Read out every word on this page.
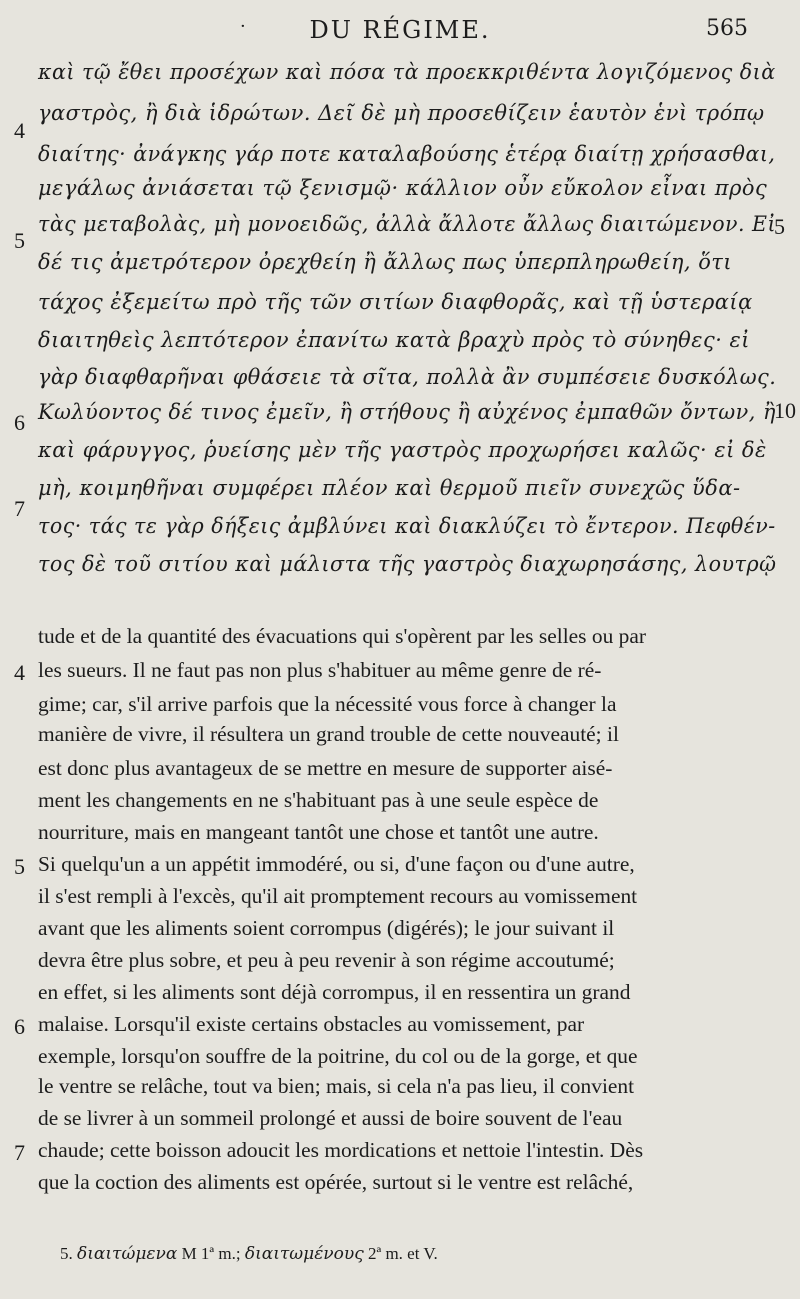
·	DU RÉGIME.	565
καὶ τῷ ἔθει προσέχων καὶ πόσα τὰ προεκκριθέντα λογιζόμενος διὰ
γαστρὸς, ἢ διὰ ἱδρώτων. Δεῖ δὲ μὴ προσεθίζειν ἑαυτὸν ἑνὶ τρόπῳ
διαίτης· ἀνάγκης γάρ ποτε καταλαβούσης ἑτέρᾳ διαίτῃ χρήσασθαι,
μεγάλως ἀνιάσεται τῷ ξενισμῷ· κάλλιον οὖν εὔκολον εἶναι πρὸς
τὰς μεταβολὰς, μὴ μονοειδῶς, ἀλλὰ ἄλλοτε ἄλλως διαιτώμενον. Εἰ
δέ τις ἀμετρότερον ὀρεχθείη ἢ ἄλλως πως ὑπερπληρωθείη, ὅτι
τάχος ἐξεμείτω πρὸ τῆς τῶν σιτίων διαφθορᾶς, καὶ τῇ ὑστεραίᾳ
διαιτηθεὶς λεπτότερον ἐπανίτω κατὰ βραχὺ πρὸς τὸ σύνηθες· εἰ
γὰρ διαφθαρῆναι φθάσειε τὰ σῖτα, πολλὰ ἂν συμπέσειε δυσκόλως.
Κωλύοντος δέ τινος ἐμεῖν, ἢ στήθους ἢ αὐχένος ἐμπαθῶν ὄντων, ἢ
καὶ φάρυγγος, ῥυείσης μὲν τῆς γαστρὸς προχωρήσει καλῶς· εἰ δὲ
μὴ, κοιμηθῆναι συμφέρει πλέον καὶ θερμοῦ πιεῖν συνεχῶς ὕδα-
τος· τάς τε γὰρ δήξεις ἀμβλύνει καὶ διακλύζει τὸ ἔντερον. Πεφθέν-
τος δὲ τοῦ σιτίου καὶ μάλιστα τῆς γαστρὸς διαχωρησάσης, λουτρῷ
4
5
6
7
5
10
tude et de la quantité des évacuations qui s'opèrent par les selles ou par
les sueurs. Il ne faut pas non plus s'habituer au même genre de ré-
gime; car, s'il arrive parfois que la nécessité vous force à changer la
manière de vivre, il résultera un grand trouble de cette nouveauté; il
est donc plus avantageux de se mettre en mesure de supporter aisé-
ment les changements en ne s'habituant pas à une seule espèce de
nourriture, mais en mangeant tantôt une chose et tantôt une autre.
Si quelqu'un a un appétit immodéré, ou si, d'une façon ou d'une autre,
il s'est rempli à l'excès, qu'il ait promptement recours au vomissement
avant que les aliments soient corrompus (digérés); le jour suivant il
devra être plus sobre, et peu à peu revenir à son régime accoutumé;
en effet, si les aliments sont déjà corrompus, il en ressentira un grand
malaise. Lorsqu'il existe certains obstacles au vomissement, par
exemple, lorsqu'on souffre de la poitrine, du col ou de la gorge, et que
le ventre se relâche, tout va bien; mais, si cela n'a pas lieu, il convient
de se livrer à un sommeil prolongé et aussi de boire souvent de l'eau
chaude; cette boisson adoucit les mordications et nettoie l'intestin. Dès
que la coction des aliments est opérée, surtout si le ventre est relâché,
4
5
6
7
5. διαιτώμενα M 1ª m.; διαιτωμένους 2ª m. et V.
